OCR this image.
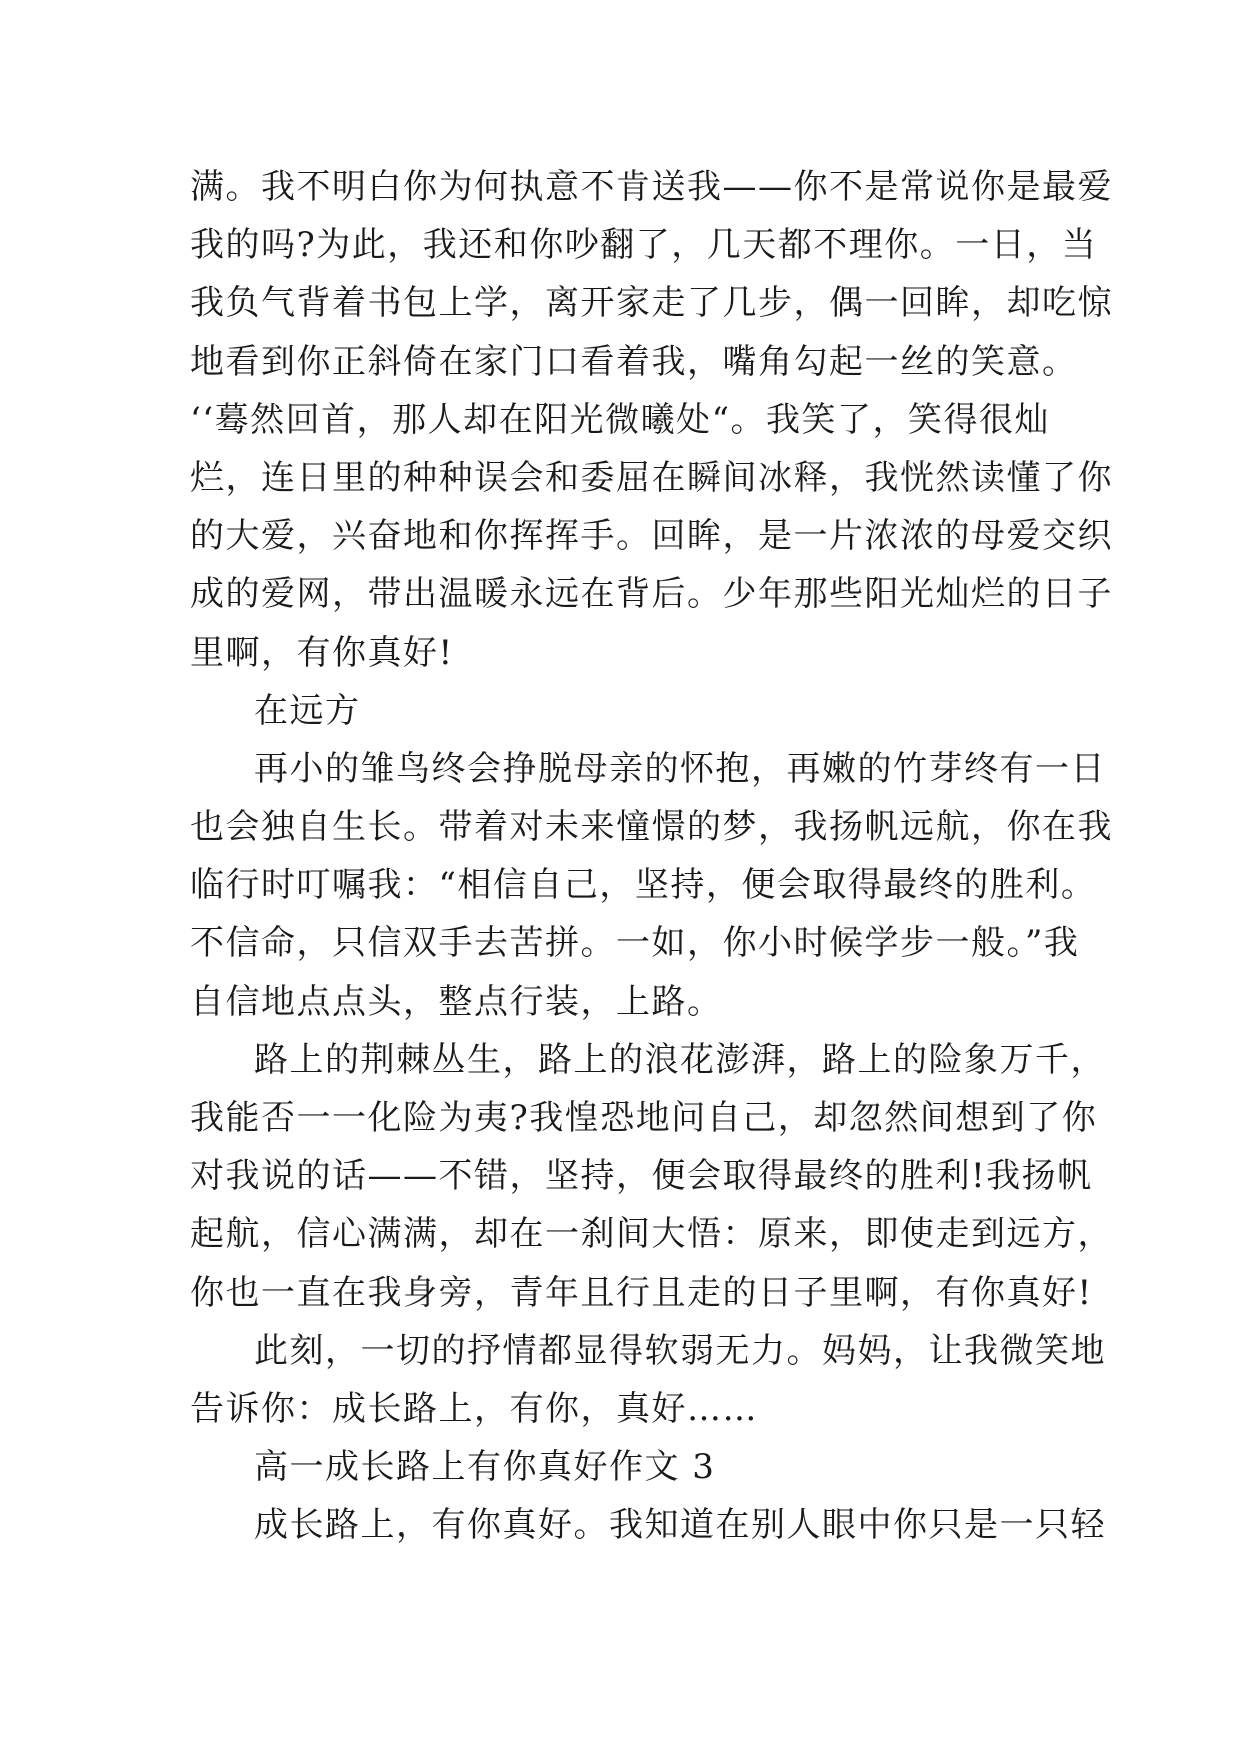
满。我不明白你为何执意不肯送我——你不是常说你是最爱
我的吗?为此，我还和你吵翻了，几天都不理你。一日，当
我负气背着书包上学，离开家走了几步，偶一回眸，却吃惊
地看到你正斜倚在家门口看着我，嘴角勾起一丝的笑意。
‘‘蓦然回首，那人却在阳光微曦处“。我笑了，笑得很灿
烂，连日里的种种误会和委屈在瞬间冰释，我恍然读懂了你
的大爱，兴奋地和你挥挥手。回眸，是一片浓浓的母爱交织
成的爱网，带出温暖永远在背后。少年那些阳光灿烂的日子
里啊，有你真好!
在远方
再小的雏鸟终会挣脱母亲的怀抱，再嫩的竹芽终有一日
也会独自生长。带着对未来憧憬的梦，我扬帆远航，你在我
临行时叮嘱我：“相信自己，坚持，便会取得最终的胜利。
不信命，只信双手去苦拼。一如，你小时候学步一般。”我
自信地点点头，整点行装，上路。
路上的荆棘丛生，路上的浪花澎湃，路上的险象万千，
我能否一一化险为夷?我惶恐地问自己，却忽然间想到了你
对我说的话——不错，坚持，便会取得最终的胜利!我扬帆
起航，信心满满，却在一刹间大悟：原来，即使走到远方，
你也一直在我身旁，青年且行且走的日子里啊，有你真好!
此刻，一切的抒情都显得软弱无力。妈妈，让我微笑地
告诉你：成长路上，有你，真好……
高一成长路上有你真好作文 3
成长路上，有你真好。我知道在别人眼中你只是一只轻
